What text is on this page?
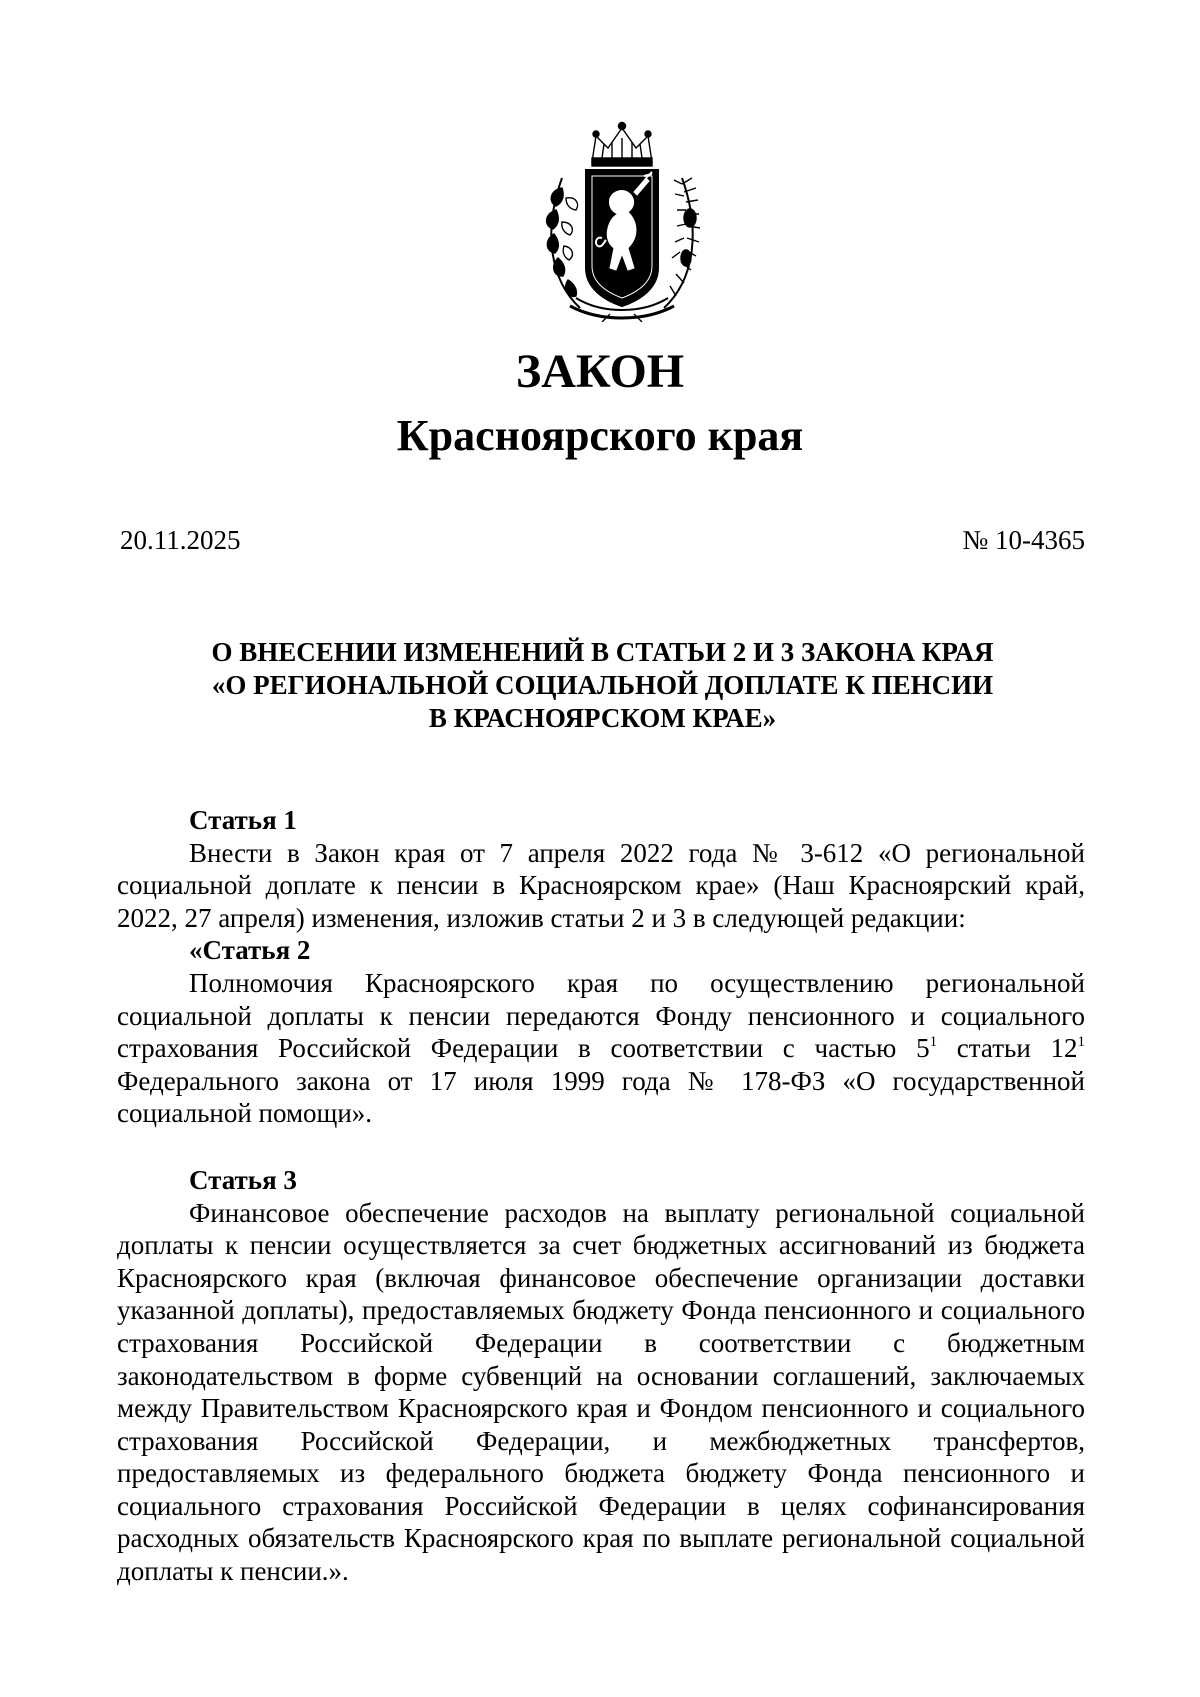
ЗАКОН
Красноярского края
20.11.2025	№ 10-4365
О ВНЕСЕНИИ ИЗМЕНЕНИЙ В СТАТЬИ 2 И 3 ЗАКОНА КРАЯ
«О РЕГИОНАЛЬНОЙ СОЦИАЛЬНОЙ ДОПЛАТЕ К ПЕНСИИ
В КРАСНОЯРСКОМ КРАЕ»

Статья 1

Внести в Закон края от 7 апреля 2022 года № 3-612 «О региональной социальной доплате к пенсии в Красноярском крае» (Наш Красноярский край, 2022, 27 апреля) изменения, изложив статьи 2 и 3 в следующей редакции:

«Статья 2

Полномочия Красноярского края по осуществлению региональной социальной доплаты к пенсии передаются Фонду пенсионного и социального страхования Российской Федерации в соответствии с частью $5^1$ статьи $12^1$ Федерального закона от 17 июля 1999 года № 178-ФЗ «О государственной социальной помощи».

Статья 3

Финансовое обеспечение расходов на выплату региональной социальной доплаты к пенсии осуществляется за счет бюджетных ассигнований из бюджета Красноярского края (включая финансовое обеспечение организации доставки указанной доплаты), предоставляемых бюджету Фонда пенсионного и социального страхования Российской Федерации в соответствии с бюджетным законодательством в форме субвенций на основании соглашений, заключаемых между Правительством Красноярского края и Фондом пенсионного и социального страхования Российской Федерации, и межбюджетных трансфертов, предоставляемых из федерального бюджета бюджету Фонда пенсионного и социального страхования Российской Федерации в целях софинансирования расходных обязательств Красноярского края по выплате региональной социальной доплаты к пенсии.».
